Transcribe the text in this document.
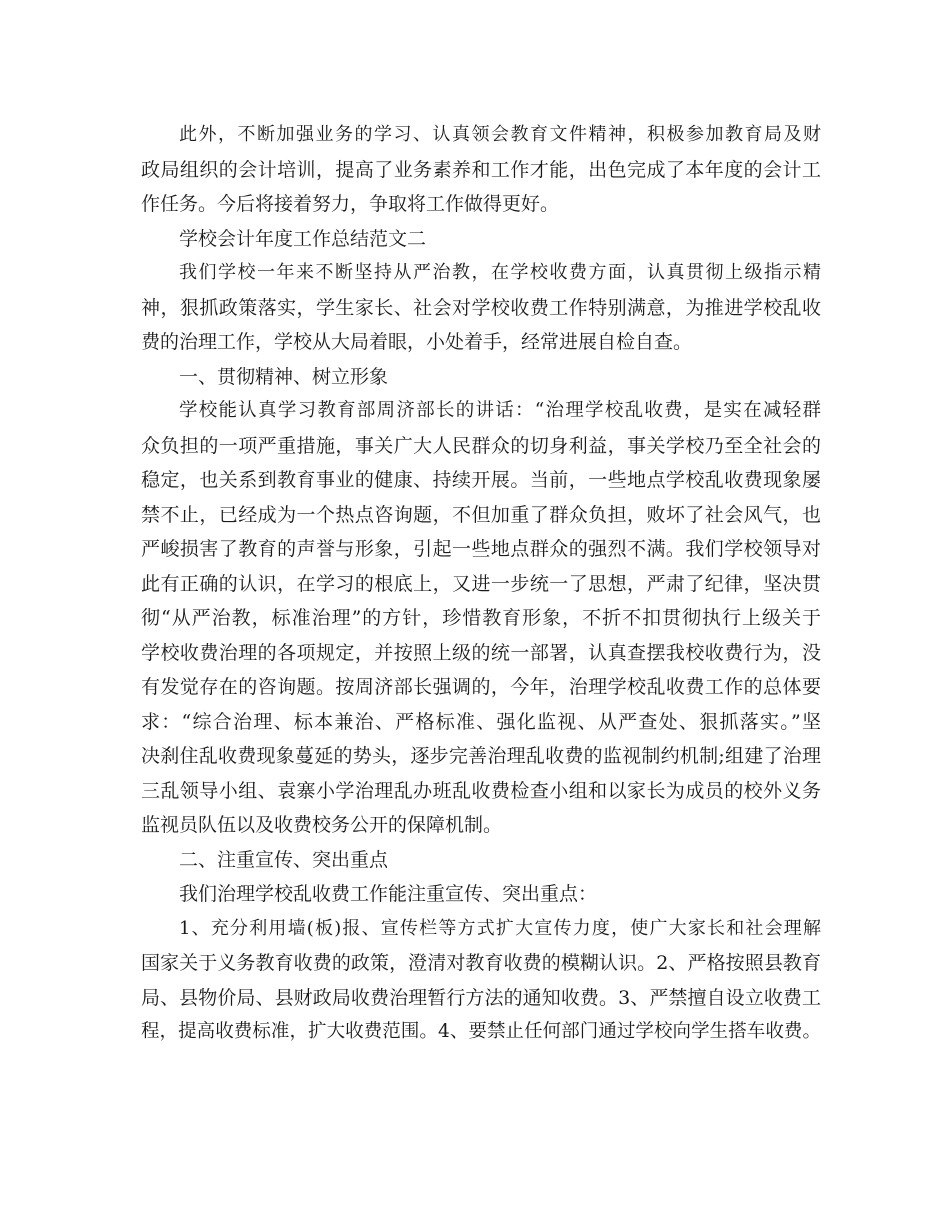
此外，不断加强业务的学习、认真领会教育文件精神，积极参加教育局及财
政局组织的会计培训，提高了业务素养和工作才能，出色完成了本年度的会计工
作任务。今后将接着努力，争取将工作做得更好。
学校会计年度工作总结范文二
我们学校一年来不断坚持从严治教，在学校收费方面，认真贯彻上级指示精
神，狠抓政策落实，学生家长、社会对学校收费工作特别满意，为推进学校乱收
费的治理工作，学校从大局着眼，小处着手，经常进展自检自查。
一、贯彻精神、树立形象
学校能认真学习教育部周济部长的讲话：“治理学校乱收费，是实在减轻群
众负担的一项严重措施，事关广大人民群众的切身利益，事关学校乃至全社会的
稳定，也关系到教育事业的健康、持续开展。当前，一些地点学校乱收费现象屡
禁不止，已经成为一个热点咨询题，不但加重了群众负担，败坏了社会风气，也
严峻损害了教育的声誉与形象，引起一些地点群众的强烈不满。我们学校领导对
此有正确的认识，在学习的根底上，又进一步统一了思想，严肃了纪律，坚决贯
彻“从严治教，标准治理”的方针，珍惜教育形象，不折不扣贯彻执行上级关于
学校收费治理的各项规定，并按照上级的统一部署，认真查摆我校收费行为，没
有发觉存在的咨询题。按周济部长强调的，今年，治理学校乱收费工作的总体要
求：“综合治理、标本兼治、严格标准、强化监视、从严查处、狠抓落实。”坚
决刹住乱收费现象蔓延的势头，逐步完善治理乱收费的监视制约机制;组建了治理
三乱领导小组、袁寨小学治理乱办班乱收费检查小组和以家长为成员的校外义务
监视员队伍以及收费校务公开的保障机制。
二、注重宣传、突出重点
我们治理学校乱收费工作能注重宣传、突出重点：
1、充分利用墙(板)报、宣传栏等方式扩大宣传力度，使广大家长和社会理解
国家关于义务教育收费的政策，澄清对教育收费的模糊认识。2、严格按照县教育
局、县物价局、县财政局收费治理暂行方法的通知收费。3、严禁擅自设立收费工
程，提高收费标准，扩大收费范围。4、要禁止任何部门通过学校向学生搭车收费。
